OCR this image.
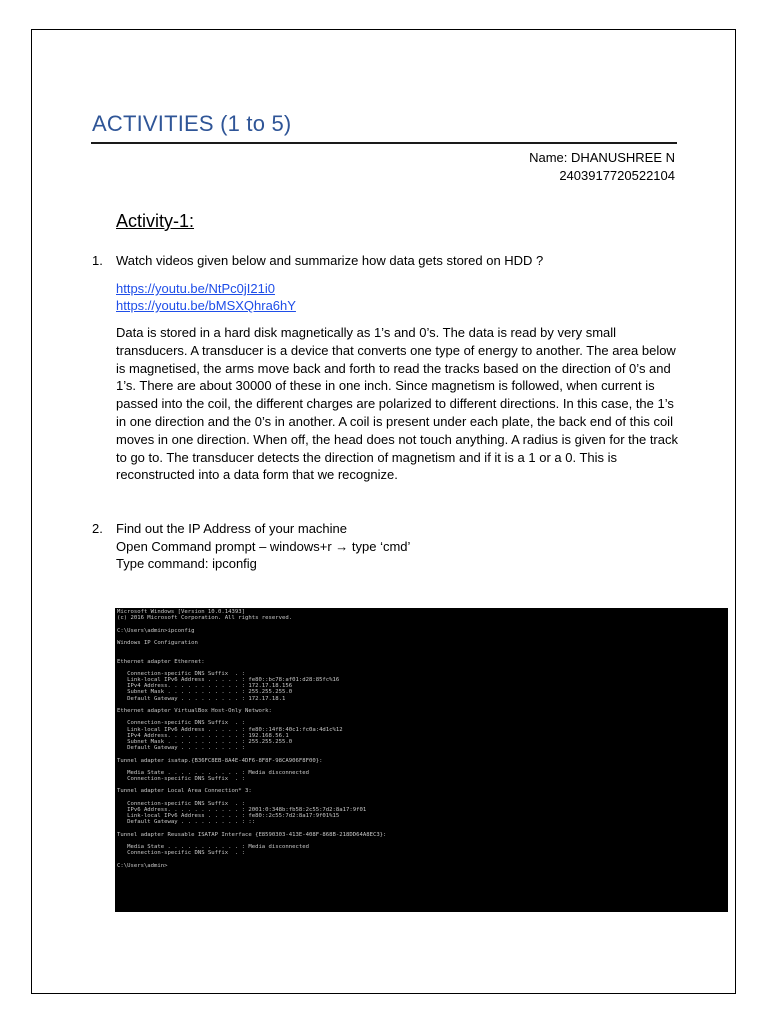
ACTIVITIES (1 to 5)
Name: DHANUSHREE N
2403917720522104
Activity-1:
1. Watch videos given below and summarize how data gets stored on HDD ?
https://youtu.be/NtPc0jI21i0
https://youtu.be/bMSXQhra6hY
Data is stored in a hard disk magnetically as 1’s and 0’s. The data is read by very small transducers. A transducer is a device that converts one type of energy to another. The area below is magnetised, the arms move back and forth to read the tracks based on the direction of 0’s and 1’s. There are about 30000 of these in one inch. Since magnetism is followed, when current is passed into the coil, the different charges are polarized to different directions. In this case, the 1’s in one direction and the 0’s in another. A coil is present under each plate, the back end of this coil moves in one direction. When off, the head does not touch anything. A radius is given for the track to go to. The transducer detects the direction of magnetism and if it is a 1 or a 0. This is reconstructed into a data form that we recognize.
2. Find out the IP Address of your machine
Open Command prompt – windows+r → type ‘cmd’
Type command: ipconfig
Microsoft Windows [Version 10.0.14393]
(c) 2016 Microsoft Corporation. All rights reserved.
C:\Users\admin>ipconfig
Windows IP Configuration
Ethernet adapter Ethernet:
Connection-specific DNS Suffix  . :
Link-local IPv6 Address . . . . . : fe80::bc78:af01:d28:85fc%16
IPv4 Address. . . . . . . . . . . : 172.17.18.156
Subnet Mask . . . . . . . . . . . : 255.255.255.0
Default Gateway . . . . . . . . . : 172.17.18.1
Ethernet adapter VirtualBox Host-Only Network:
Connection-specific DNS Suffix  . :
Link-local IPv6 Address . . . . . : fe80::14f8:40c1:fc0a:4d1c%12
IPv4 Address. . . . . . . . . . . : 192.168.56.1
Subnet Mask . . . . . . . . . . . : 255.255.255.0
Default Gateway . . . . . . . . . :
Tunnel adapter isatap.{B36FC8EB-8A4E-4DF6-8F8F-98CA906F8F00}:
Media State . . . . . . . . . . . : Media disconnected
Connection-specific DNS Suffix  . :
Tunnel adapter Local Area Connection* 3:
Connection-specific DNS Suffix  . :
IPv6 Address. . . . . . . . . . . : 2001:0:348b:fb58:2c55:7d2:8a17:9f01
Link-local IPv6 Address . . . . . : fe80::2c55:7d2:8a17:9f01%15
Default Gateway . . . . . . . . . : ::
Tunnel adapter Reusable ISATAP Interface {E8590303-413E-408F-868B-218DD64A8EC3}:
Media State . . . . . . . . . . . : Media disconnected
Connection-specific DNS Suffix  . :
C:\Users\admin>
